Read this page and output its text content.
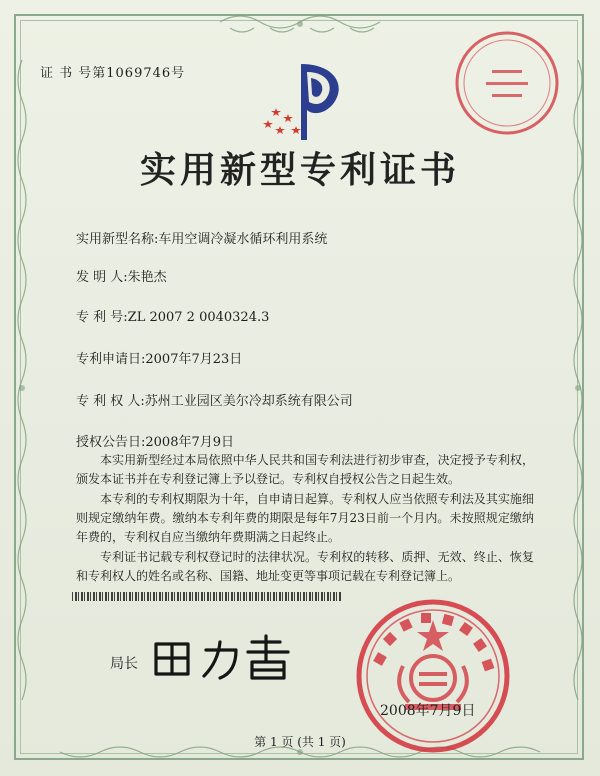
证 书 号第1069746号
实用新型专利证书
实用新型名称:车用空调冷凝水循环利用系统
发 明 人:朱艳杰
专 利 号:ZL 2007 2 0040324.3
专利申请日:2007年7月23日
专 利 权 人:苏州工业园区美尔冷却系统有限公司
授权公告日:2008年7月9日

本实用新型经过本局依照中华人民共和国专利法进行初步审查，决定授予专利权，颁发本证书并在专利登记簿上予以登记。专利权自授权公告之日起生效。

本专利的专利权期限为十年，自申请日起算。专利权人应当依照专利法及其实施细则规定缴纳年费。缴纳本专利年费的期限是每年7月23日前一个月内。未按照规定缴纳年费的，专利权自应当缴纳年费期满之日起终止。

专利证书记载专利权登记时的法律状况。专利权的转移、质押、无效、终止、恢复和专利权人的姓名或名称、国籍、地址变更等事项记载在专利登记簿上。

局长
2008年7月9日
第 1 页 (共 1 页)
